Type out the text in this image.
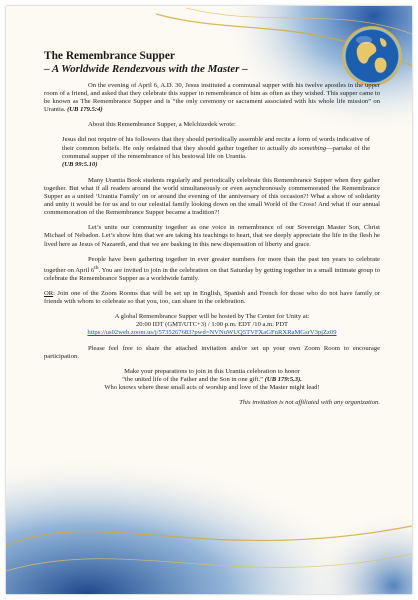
The Remembrance Supper
– A Worldwide Rendezvous with the Master –

On the evening of April 6, A.D. 30, Jesus instituted a communal supper with his twelve apostles in the upper room of a friend, and asked that they celebrate this supper in remembrance of him as often as they wished. This supper came to be known as The Remembrance Supper and is “the only ceremony or sacrament associated with his whole life mission” on Urantia. (UB 179.5:4)

About this Remembrance Supper, a Melchizedek wrote:

Jesus did not require of his followers that they should periodically assemble and recite a form of words indicative of their common beliefs. He only ordained that they should gather together to actually do something—partake of the communal supper of the remembrance of his bestowal life on Urantia.
(UB 99:5.10)

Many Urantia Book students regularly and periodically celebrate this Remembrance Supper when they gather together. But what if all readers around the world simultaneously or even asynchronously commemorated the Remembrance Supper as a united ‘Urantia Family’ on or around the evening of the anniversary of this occasion?! What a show of solidarity and unity it would be for us and to our celestial family looking down on the small World of the Cross! And what if our annual commemoration of the Remembrance Supper became a tradition?!

Let’s unite our community together as one voice in remembrance of our Sovereign Master Son, Christ Michael of Nebadon. Let’s show him that we are taking his teachings to heart, that we deeply appreciate the life in the flesh he lived here as Jesus of Nazareth, and that we are basking in this new dispensation of liberty and grace.

People have been gathering together in ever greater numbers for more than the past ten years to celebrate together on April 6th. You are invited to join in the celebration on that Saturday by getting together in a small intimate group to celebrate the Remembrance Supper as a worldwide family.

OR: Join one of the Zoom Rooms that will be set up in English, Spanish and French for those who do not have family or friends with whom to celebrate so that you, too, can share in the celebration.

A global Remembrance Supper will be hosted by The Center for Unity at:
20:00 IDT (GMT/UTC+3) / 1:00 p.m. EDT /10 a.m. PDT
https://us02web.zoom.us/j/5735267683?pwd=NVNuWUQ5TVFXaGFnRXRaMGsrV3pjZz09

Please feel free to share the attached invitation and/or set up your own Zoom Room to encourage participation.

Make your preparations to join in this Urantia celebration to honor
“the united life of the Father and the Son in one gift.” (UB 179:5.3).
Who knows where these small acts of worship and love of the Master might lead!

This invitation is not affiliated with any organization.
